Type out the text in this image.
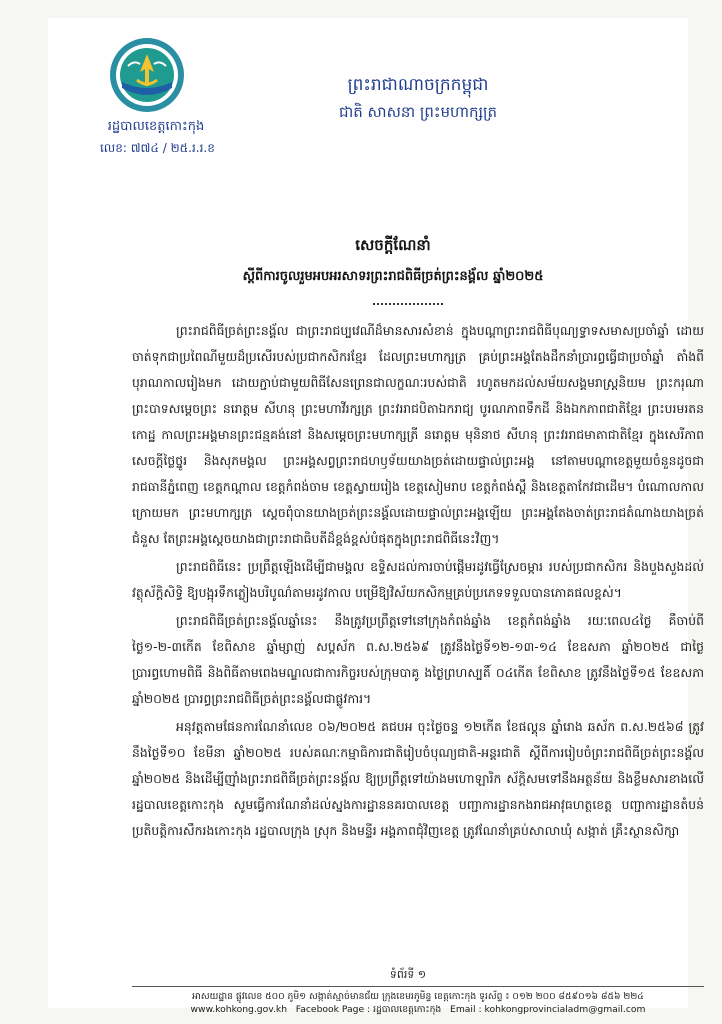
រដ្ឋបាលខេត្តកោះកុង
លេខ: ៧៧៤ / ២៥.រ.រ.ខ
ព្រះរាជាណាចក្រកម្ពុជា
ជាតិ សាសនា ព្រះមហាក្សត្រ
សេចក្តីណែនាំ
ស្តីពីការចូលរួមអបអរសាទរព្រះរាជពិធីច្រត់ព្រះនង្គ័ល ឆ្នាំ២០២៥

ព្រះរាជពិធីច្រត់ព្រះនង្គ័ល ជាព្រះរាជប្បវេណីដ៏មានសារសំខាន់ ក្នុងបណ្តាព្រះរាជពិធីបុណ្យទ្វាទសមាសប្រចាំឆ្នាំ ដោយចាត់ទុកជាប្រពៃណីមួយដ៏ប្រសើរបស់ប្រជាកសិករខ្មែរ ដែលព្រះមហាក្សត្រ គ្រប់ព្រះអង្គតែងដឹកនាំប្រារព្ធធ្វើជាប្រចាំឆ្នាំ តាំងពីបុរាណកាលរៀងមក ដោយភ្ជាប់ជាមួយពិធីសែនព្រេនជាលក្ខណៈរបស់ជាតិ រហូតមកដល់សម័យសង្គមរាស្រ្តនិយម ព្រះករុណា ព្រះបាទសម្តេចព្រះ នរោត្តម សីហនុ ព្រះមហាវីរក្សត្រ ព្រះវររាជបិតាឯករាជ្យ បូរណភាពទឹកដី និងឯកភាពជាតិខ្មែរ ព្រះបរមរតនកោដ្ឋ កាលព្រះអង្គមានព្រះជន្មគង់នៅ និងសម្តេចព្រះមហាក្សត្រី នរោត្តម មុនិនាថ សីហនុ ព្រះវររាជមាតាជាតិខ្មែរ ក្នុងសេរីភាព សេចក្តីថ្លៃថ្នូរ និងសុភមង្គល ព្រះអង្គសព្វព្រះរាជហឫទ័យយាងច្រត់ដោយផ្ទាល់ព្រះអង្គ នៅតាមបណ្តាខេត្តមួយចំនួនដូចជា រាជធានីភ្នំពេញ ខេត្តកណ្តាល ខេត្តកំពង់ចាម ខេត្តស្វាយរៀង ខេត្តសៀមរាប ខេត្តកំពង់ស្ពឺ និងខេត្តតាកែវជាដើម។ បំណោលកាលក្រោយមក ព្រះមហាក្សត្រ ស្តេចពុំបានយាងច្រត់ព្រះនង្គ័លដោយផ្ទាល់ព្រះអង្គឡើយ ព្រះអង្គតែងចាត់ព្រះរាជតំណាងយាងច្រត់ជំនួស តែព្រះអង្គស្តេចយាងជាព្រះរាជាធិបតីដ៏ខ្ពង់ខ្ពស់បំផុតក្នុងព្រះរាជពិធីនេះវិញ។

ព្រះរាជពិធីនេះ ប្រព្រឹត្តឡើងដើម្បីជាមង្គល ឧទ្ទិសដល់ការចាប់ផ្តើមរដូវធ្វើស្រែចម្ការ របស់ប្រជាកសិករ និងបួងសួងដល់វត្ថុស័ក្តិសិទ្ធិ ឱ្យបង្អុរទឹកភ្លៀងបរិបូណ៌តាមរដូវកាល បម្រើឱ្យវិស័យកសិកម្មគ្រប់ប្រភេទទទួលបានភោគផលខ្ពស់។

ព្រះរាជពិធីច្រត់ព្រះនង្គ័លឆ្នាំនេះ នឹងត្រូវប្រព្រឹត្តទៅនៅក្រុងកំពង់ឆ្នាំង ខេត្តកំពង់ឆ្នាំង រយៈពេល៤ថ្ងៃ គឺចាប់ពីថ្ងៃ១-២-៣កើត ខែពិសាខ ឆ្នាំម្សាញ់ សប្តស័ក ព.ស.២៥៦៩ ត្រូវនឹងថ្ងៃទី១២-១៣-១៤ ខែឧសភា ឆ្នាំ២០២៥ ជាថ្ងៃប្រារព្ធហោមពិធី និងពិធីតាមពេងមណ្ឌលជាការកិច្ចរបស់ក្រុមបាគូ ងថ្ងៃព្រហស្បតិ៍ ០៤កើត ខែពិសាខ ត្រូវនឹងថ្ងៃទី១៥ ខែឧសភា ឆ្នាំ២០២៥ ប្រារព្ធព្រះរាជពិធីច្រត់ព្រះនង្គ័លជាផ្លូវការ។

អនុវត្តតាមផែនការណែនាំលេខ ០៦/២០២៥ គជបអ ចុះថ្ងៃចន្ទ ១២កើត ខែផល្គុន ឆ្នាំរោង ឆស័ក ព.ស.២៥៦៨ ត្រូវនឹងថ្ងៃទី១០ ខែមីនា ឆ្នាំ២០២៥ របស់គណៈកម្មាធិការជាតិរៀបចំបុណ្យជាតិ-អន្តរជាតិ ស្តីពីការរៀបចំព្រះរាជពិធីច្រត់ព្រះនង្គ័ល ឆ្នាំ២០២៥ និងដើម្បីញ៉ាំងព្រះរាជពិធីច្រត់ព្រះនង្គ័ល ឱ្យប្រព្រឹត្តទៅយ៉ាងមហោឡារិក ស័ក្តិសមទៅនឹងអត្ថន័យ និងខ្លឹមសារខាងលើ រដ្ឋបាលខេត្តកោះកុង សូមធ្វើការណែនាំដល់ស្នងការដ្ឋាននគរបាលខេត្ត បញ្ជាការដ្ឋានកងរាជអាវុធហត្ថខេត្ត បញ្ជាការដ្ឋានតំបន់ប្រតិបត្តិការសឹករងកោះកុង រដ្ឋបាលក្រុង ស្រុក និងមន្ទីរ អង្គភាពជុំវិញខេត្ត ត្រូវណែនាំគ្រប់សាលាឃុំ សង្កាត់ គ្រឹះស្ថានសិក្សា

ទំព័រទី ១
អាសយដ្ឋាន ផ្លូវលេខ ៥០០ ភូមិ១ សង្កាត់ស្មាច់មានជ័យ ក្រុងខេមរភូមិន្ទ ខេត្តកោះកុង ទូរស័ព្ទ ៖ ០១២ ២០០ ៨៥៩០១៦ ៨៥៦ ២២៤
www.kohkong.gov.kh Facebook Page : រដ្ឋបាលខេត្តកោះកុង Email : kohkongprovincialadm@gmail.com
